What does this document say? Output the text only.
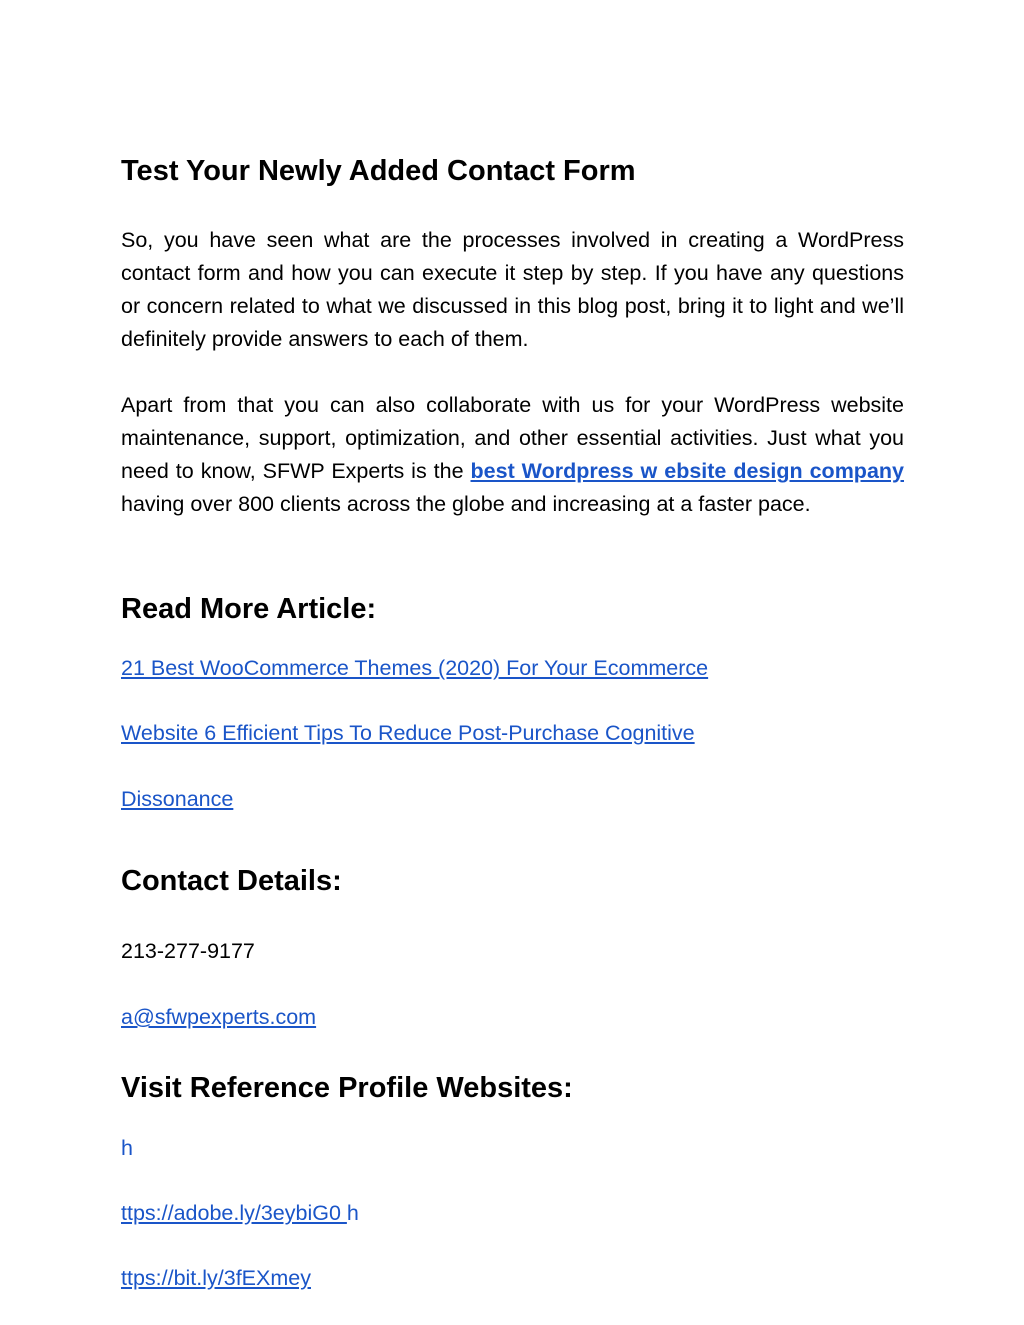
Test Your Newly Added Contact Form

So, you have seen what are the processes involved in creating a WordPress contact form and how you can execute it step by step. If you have any questions or concern related to what we discussed in this blog post, bring it to light and we’ll definitely provide answers to each of them.

Apart from that you can also collaborate with us for your WordPress website maintenance, support, optimization, and other essential activities. Just what you need to know, SFWP Experts is the best Wordpress w ebsite design company having over 800 clients across the globe and increasing at a faster pace.

Read More Article:
21 Best WooCommerce Themes (2020) For Your Ecommerce
Website 6 Efficient Tips To Reduce Post-Purchase Cognitive
Dissonance
Contact Details:
213-277-9177
a@sfwpexperts.com
Visit Reference Profile Websites:
h
ttps://adobe.ly/3eybiG0 h
ttps://bit.ly/3fEXmey
